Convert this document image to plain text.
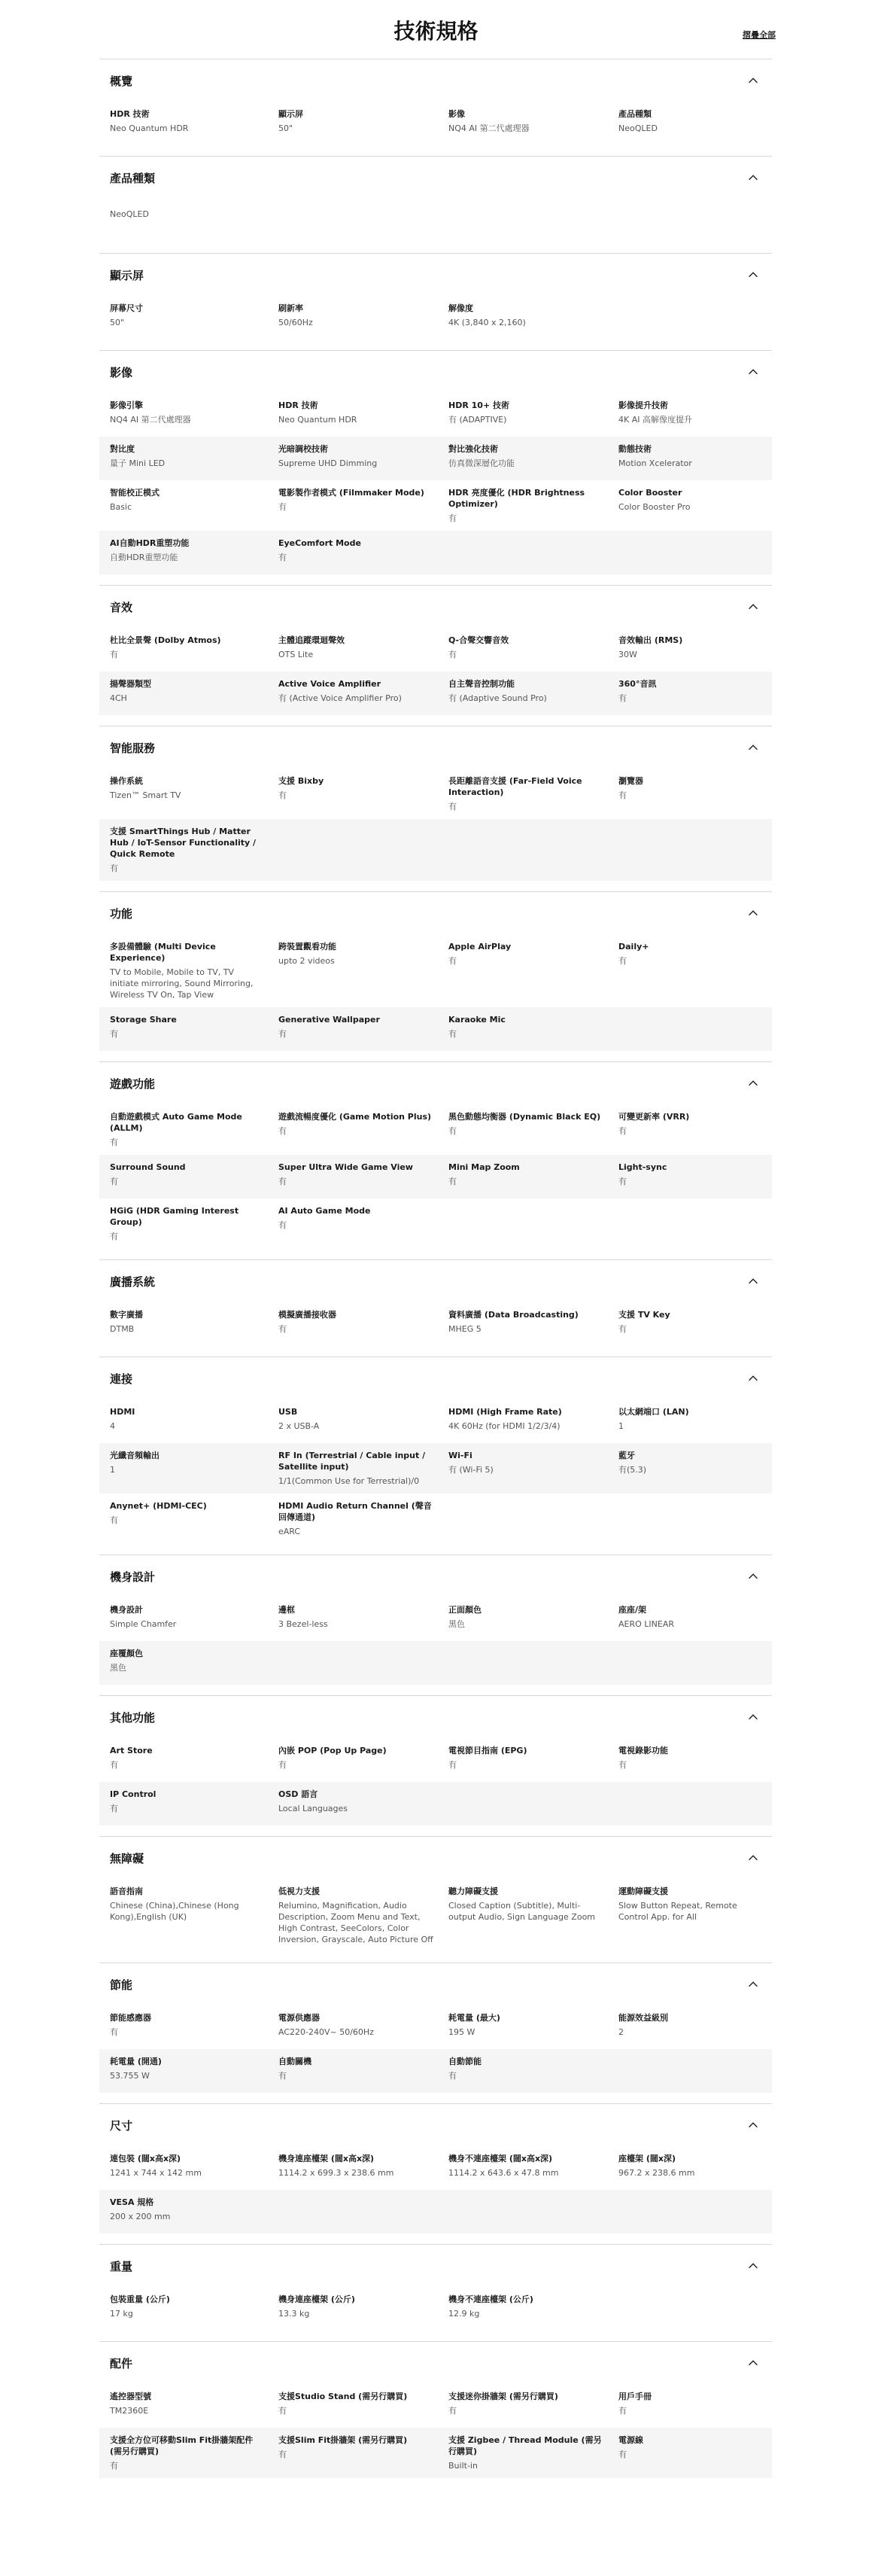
技術規格	摺疊全部
概覽
HDR 技術
Neo Quantum HDR
顯示屏
50"
影像
NQ4 AI 第二代處理器
產品種類
NeoQLED
產品種類
NeoQLED
顯示屏
屏幕尺寸
50"
刷新率
50/60Hz
解像度
4K (3,840 x 2,160)
影像
影像引擎
NQ4 AI 第二代處理器
HDR 技術
Neo Quantum HDR
HDR 10+ 技術
有 (ADAPTIVE)
影像提升技術
4K AI 高解像度提升
對比度
量子 Mini LED
光暗調校技術
Supreme UHD Dimming
對比強化技術
仿真微深層化功能
動態技術
Motion Xcelerator
智能校正模式
Basic
電影製作者模式 (Filmmaker Mode)
有
HDR 亮度優化 (HDR Brightness Optimizer)
有
Color Booster
Color Booster Pro
AI自動HDR重塑功能
自動HDR重塑功能
EyeComfort Mode
有
音效
杜比全景聲 (Dolby Atmos)
有
主體追蹤環迴聲效
OTS Lite
Q-合聲交響音效
有
音效輸出 (RMS)
30W
揚聲器類型
4CH
Active Voice Amplifier
有 (Active Voice Amplifier Pro)
自主聲音控制功能
有 (Adaptive Sound Pro)
360°音訊
有
智能服務
操作系統
Tizen™ Smart TV
支援 Bixby
有
長距離語音支援 (Far-Field Voice Interaction)
有
瀏覽器
有
支援 SmartThings Hub / Matter Hub / IoT-Sensor Functionality / Quick Remote
有
功能
多設備體驗 (Multi Device Experience)
TV to Mobile, Mobile to TV, TV initiate mirroring, Sound Mirroring, Wireless TV On, Tap View
跨裝置觀看功能
upto 2 videos
Apple AirPlay
有
Daily+
有
Storage Share
有
Generative Wallpaper
有
Karaoke Mic
有
遊戲功能
自動遊戲模式 Auto Game Mode (ALLM)
有
遊戲流暢度優化 (Game Motion Plus)
有
黑色動態均衡器 (Dynamic Black EQ)
有
可變更新率 (VRR)
有
Surround Sound
有
Super Ultra Wide Game View
有
Mini Map Zoom
有
Light-sync
有
HGiG (HDR Gaming Interest Group)
有
AI Auto Game Mode
有
廣播系統
數字廣播
DTMB
模擬廣播接收器
有
資料廣播 (Data Broadcasting)
MHEG 5
支援 TV Key
有
連接
HDMI
4
USB
2 x USB-A
HDMI (High Frame Rate)
4K 60Hz (for HDMI 1/2/3/4)
以太網端口 (LAN)
1
光纖音頻輸出
1
RF In (Terrestrial / Cable input / Satellite input)
1/1(Common Use for Terrestrial)/0
Wi-Fi
有 (Wi-Fi 5)
藍牙
有(5.3)
Anynet+ (HDMI-CEC)
有
HDMI Audio Return Channel (聲音回傳通道)
eARC
機身設計
機身設計
Simple Chamfer
邊框
3 Bezel-less
正面顏色
黑色
座座/架
AERO LINEAR
座覆顏色
黑色
其他功能
Art Store
有
內嵌 POP (Pop Up Page)
有
電視節目指南 (EPG)
有
電視錄影功能
有
IP Control
有
OSD 語言
Local Languages
無障礙
語音指南
Chinese (China),Chinese (Hong Kong),English (UK)
低視力支援
Relumino, Magnification, Audio Description, Zoom Menu and Text, High Contrast, SeeColors, Color Inversion, Grayscale, Auto Picture Off
聽力障礙支援
Closed Caption (Subtitle), Multi-output Audio, Sign Language Zoom
運動障礙支援
Slow Button Repeat, Remote Control App. for All
節能
節能感應器
有
電源供應器
AC220-240V~ 50/60Hz
耗電量 (最大)
195 W
能源效益級別
2
耗電量 (開通)
53.755 W
自動關機
有
自動節能
有
尺寸
連包裝 (闊x高x深)
1241 x 744 x 142 mm
機身連座檯架 (闊x高x深)
1114.2 x 699.3 x 238.6 mm
機身不連座檯架 (闊x高x深)
1114.2 x 643.6 x 47.8 mm
座檯架 (闊x深)
967.2 x 238.6 mm
VESA 規格
200 x 200 mm
重量
包裝重量 (公斤)
17 kg
機身連座檯架 (公斤)
13.3 kg
機身不連座檯架 (公斤)
12.9 kg
配件
遙控器型號
TM2360E
支援Studio Stand (需另行購買)
有
支援迷你掛牆架 (需另行購買)
有
用戶手冊
有
支援全方位可移動Slim Fit掛牆架配件 (需另行購買)
有
支援Slim Fit掛牆架 (需另行購買)
有
支援 Zigbee / Thread Module (需另行購買)
Built-in
電源線
有
